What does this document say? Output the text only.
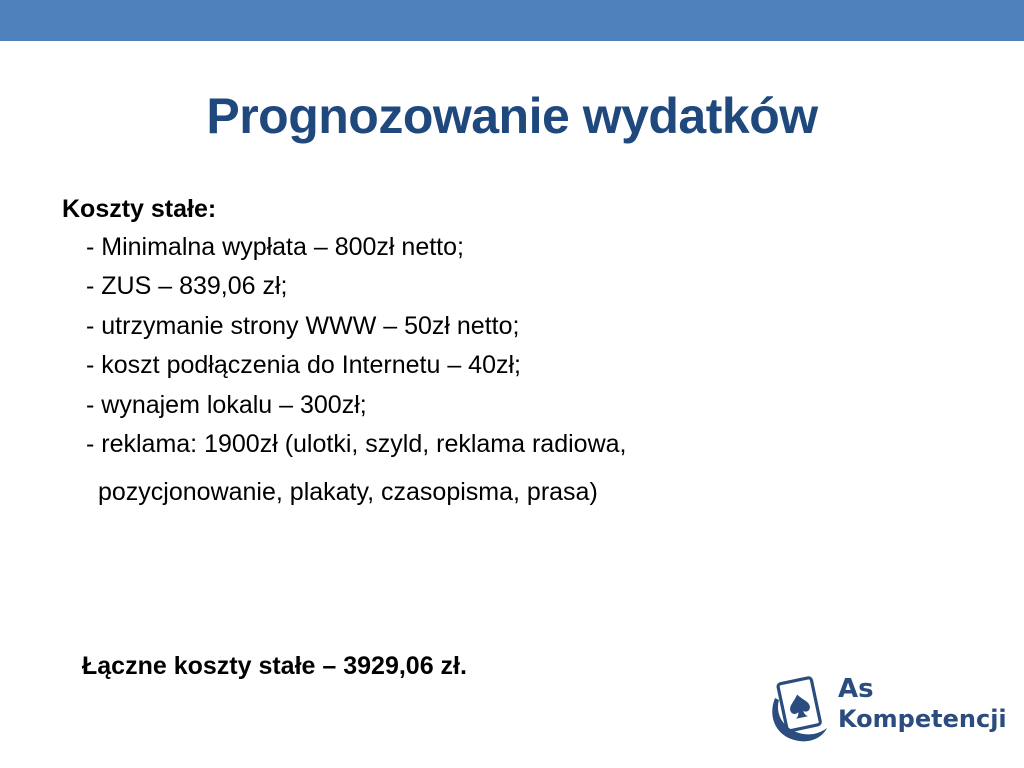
Prognozowanie wydatków

Koszty stałe:

- Minimalna wypłata – 800zł netto;
- ZUS – 839,06 zł;
- utrzymanie strony WWW – 50zł netto;
- koszt podłączenia do Internetu – 40zł;
- wynajem lokalu – 300zł;
- reklama: 1900zł (ulotki, szyld, reklama radiowa,

pozycjonowanie, plakaty, czasopisma, prasa)

Łączne koszty stałe – 3929,06 zł.

As
Kompetencji
